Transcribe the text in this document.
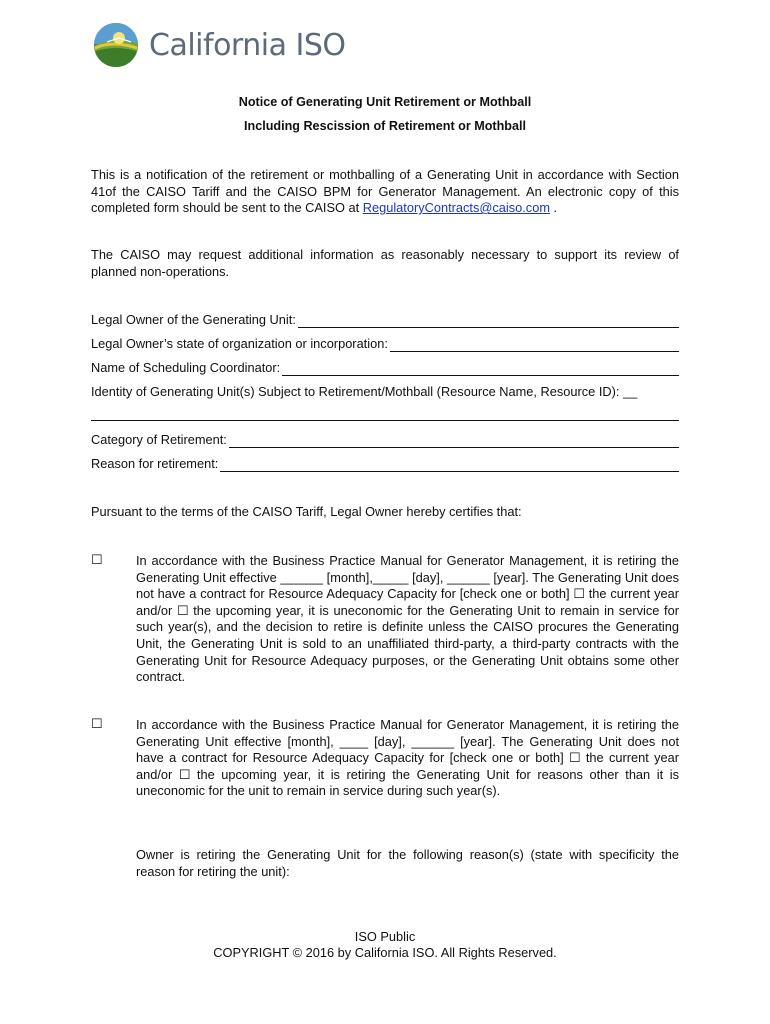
California ISO
Notice of Generating Unit Retirement or Mothball
Including Rescission of Retirement or Mothball
This is a notification of the retirement or mothballing of a Generating Unit in accordance with Section 41of the CAISO Tariff and the CAISO BPM for Generator Management. An electronic copy of this completed form should be sent to the CAISO at RegulatoryContracts@caiso.com .
The CAISO may request additional information as reasonably necessary to support its review of planned non-operations.
Legal Owner of the Generating Unit:
Legal Owner’s state of organization or incorporation:
Name of Scheduling Coordinator:
Identity of Generating Unit(s) Subject to Retirement/Mothball (Resource Name, Resource ID): __
Category of Retirement:
Reason for retirement:
Pursuant to the terms of the CAISO Tariff, Legal Owner hereby certifies that:
☐	In accordance with the Business Practice Manual for Generator Management, it is retiring the Generating Unit effective ______ [month],_____ [day], ______ [year]. The Generating Unit does not have a contract for Resource Adequacy Capacity for [check one or both] ☐ the current year and/or ☐ the upcoming year, it is uneconomic for the Generating Unit to remain in service for such year(s), and the decision to retire is definite unless the CAISO procures the Generating Unit, the Generating Unit is sold to an unaffiliated third-party, a third-party contracts with the Generating Unit for Resource Adequacy purposes, or the Generating Unit obtains some other contract.
☐	In accordance with the Business Practice Manual for Generator Management, it is retiring the Generating Unit effective [month], ____ [day], ______ [year]. The Generating Unit does not have a contract for Resource Adequacy Capacity for [check one or both] ☐ the current year and/or ☐ the upcoming year, it is retiring the Generating Unit for reasons other than it is uneconomic for the unit to remain in service during such year(s).
Owner is retiring the Generating Unit for the following reason(s) (state with specificity the reason for retiring the unit):
ISO Public
COPYRIGHT © 2016 by California ISO. All Rights Reserved.
